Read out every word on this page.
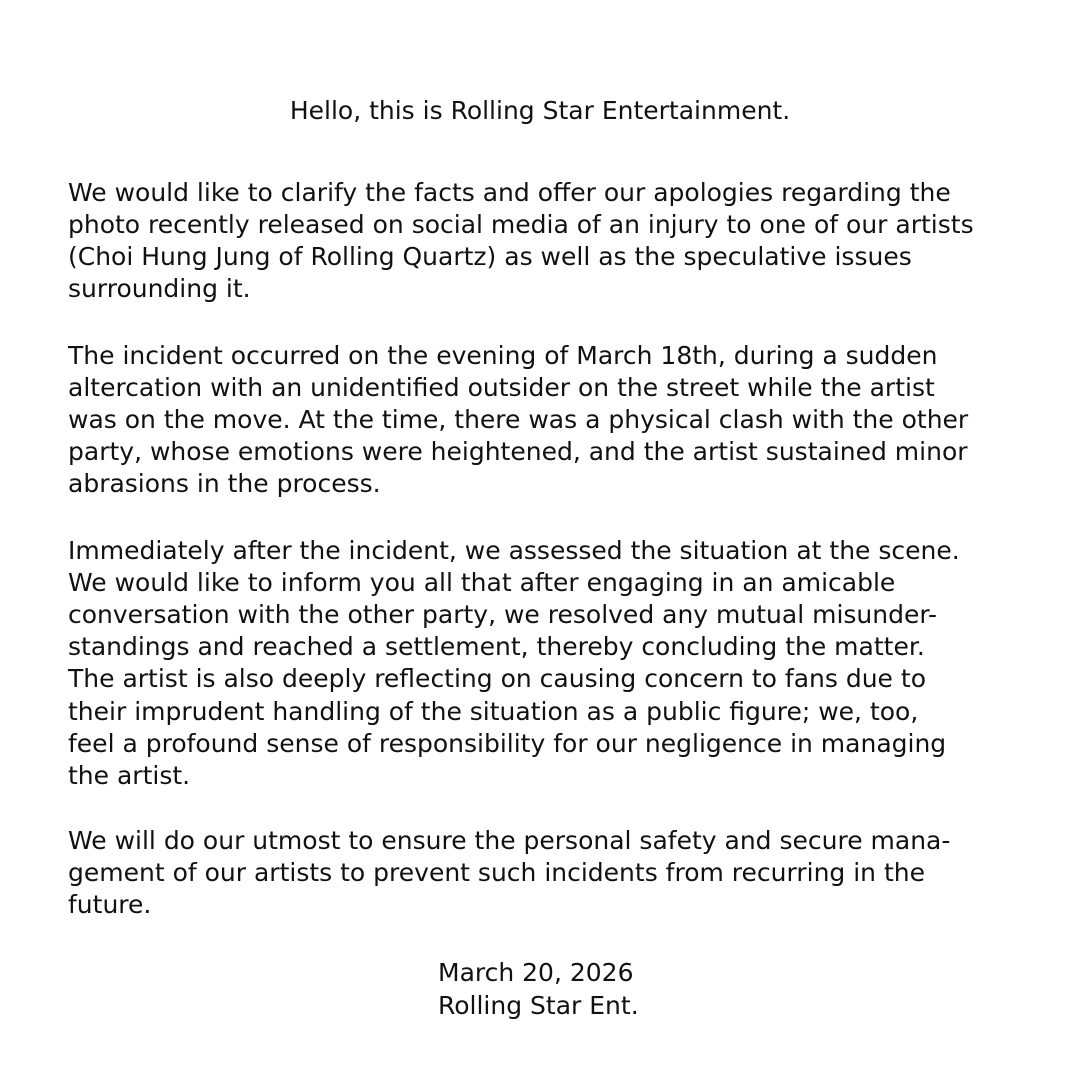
Hello, this is Rolling Star Entertainment.
We would like to clarify the facts and offer our apologies regarding the
photo recently released on social media of an injury to one of our artists
(Choi Hung Jung of Rolling Quartz) as well as the speculative issues
surrounding it.
The incident occurred on the evening of March 18th, during a sudden
altercation with an unidentified outsider on the street while the artist
was on the move. At the time, there was a physical clash with the other
party, whose emotions were heightened, and the artist sustained minor
abrasions in the process.
Immediately after the incident, we assessed the situation at the scene.
We would like to inform you all that after engaging in an amicable
conversation with the other party, we resolved any mutual misunder-
standings and reached a settlement, thereby concluding the matter.
The artist is also deeply reflecting on causing concern to fans due to
their imprudent handling of the situation as a public figure; we, too,
feel a profound sense of responsibility for our negligence in managing
the artist.
We will do our utmost to ensure the personal safety and secure mana-
gement of our artists to prevent such incidents from recurring in the
future.
March 20, 2026
Rolling Star Ent.
